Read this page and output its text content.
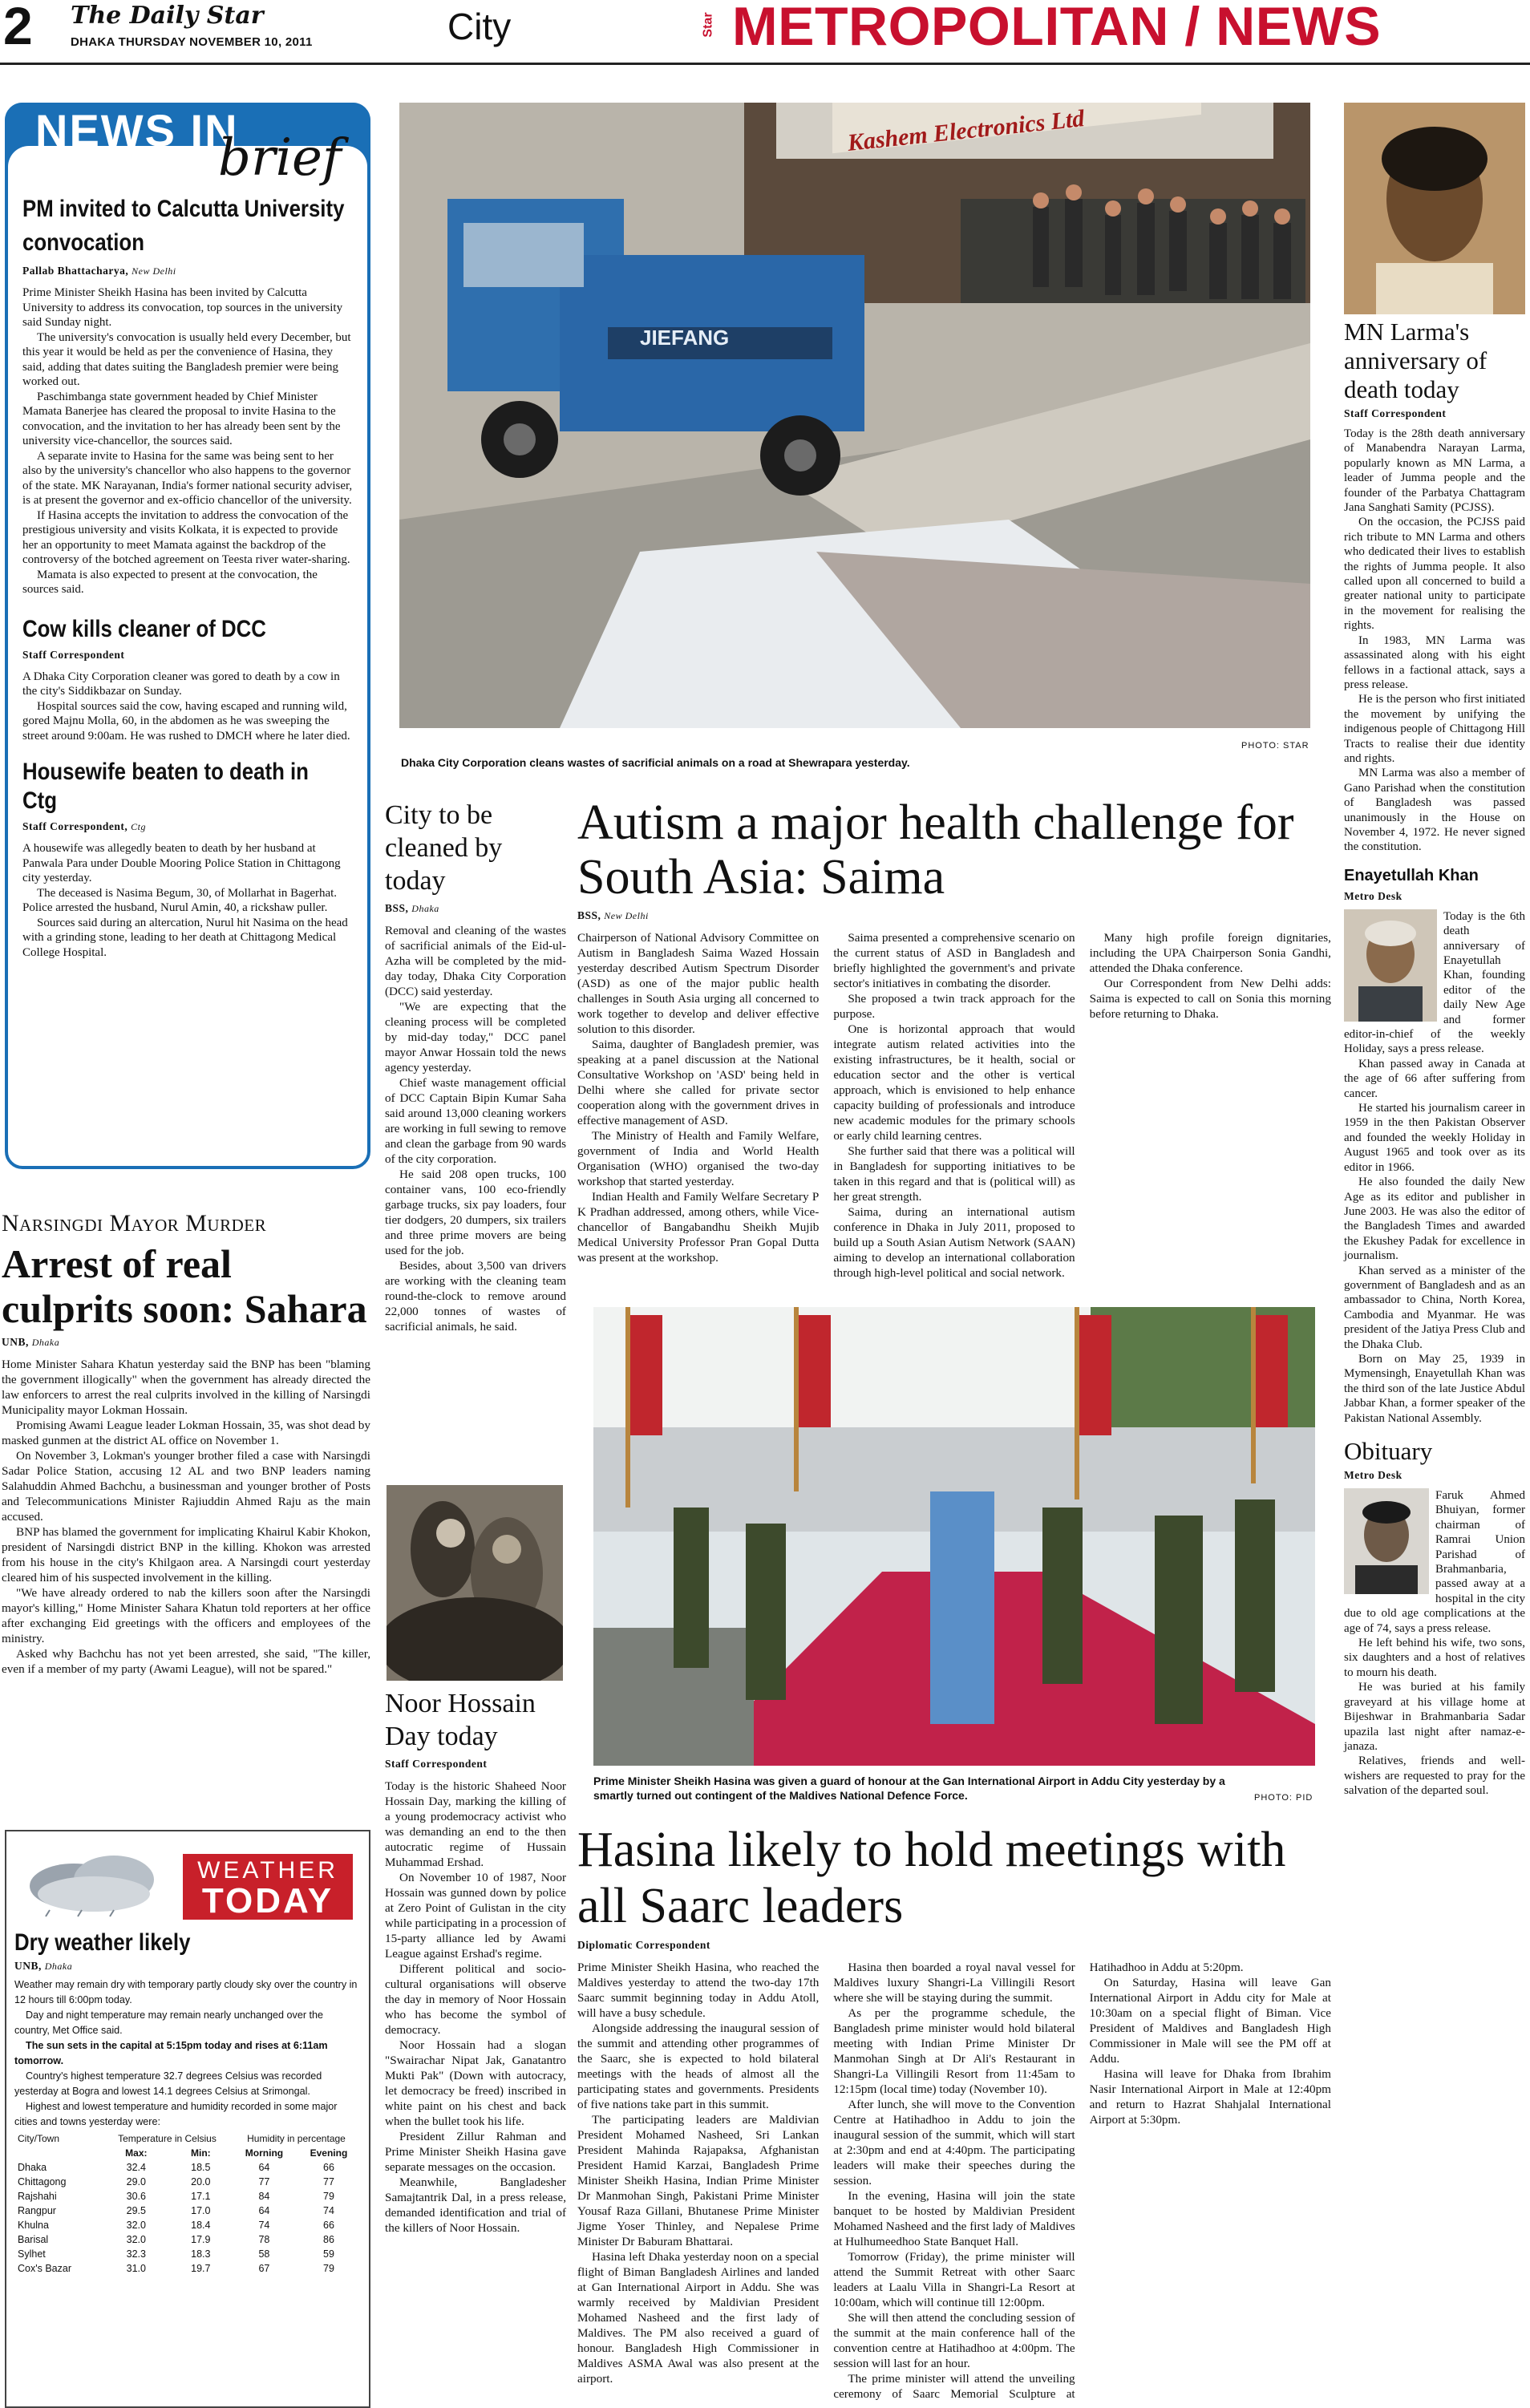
2 The Daily Star
DHAKA THURSDAY NOVEMBER 10, 2011	City	Star METROPOLITAN / NEWS
NEWS IN
brief
PM invited to Calcutta University convocation
Pallab Bhattacharya, New Delhi

Prime Minister Sheikh Hasina has been invited by Calcutta University to address its convocation, top sources in the university said Sunday night.

The university's convocation is usually held every December, but this year it would be held as per the convenience of Hasina, they said, adding that dates suiting the Bangladesh premier were being worked out.

Paschimbanga state government headed by Chief Minister Mamata Banerjee has cleared the proposal to invite Hasina to the convocation, and the invitation to her has already been sent by the university vice-chancellor, the sources said.

A separate invite to Hasina for the same was being sent to her also by the university's chancellor who also happens to the governor of the state. MK Narayanan, India's former national security adviser, is at present the governor and ex-officio chancellor of the university.

If Hasina accepts the invitation to address the convocation of the prestigious university and visits Kolkata, it is expected to provide her an opportunity to meet Mamata against the backdrop of the controversy of the botched agreement on Teesta river water-sharing.

Mamata is also expected to present at the convocation, the sources said.

Cow kills cleaner of DCC
Staff Correspondent

A Dhaka City Corporation cleaner was gored to death by a cow in the city's Siddikbazar on Sunday.

Hospital sources said the cow, having escaped and running wild, gored Majnu Molla, 60, in the abdomen as he was sweeping the street around 9:00am. He was rushed to DMCH where he later died.

Housewife beaten to death in Ctg
Staff Correspondent, Ctg

A housewife was allegedly beaten to death by her husband at Panwala Para under Double Mooring Police Station in Chittagong city yesterday.

The deceased is Nasima Begum, 30, of Mollarhat in Bagerhat. Police arrested the husband, Nurul Amin, 40, a rickshaw puller.

Sources said during an altercation, Nurul hit Nasima on the head with a grinding stone, leading to her death at Chittagong Medical College Hospital.

Narsingdi Mayor Murder
Arrest of real culprits soon: Sahara
UNB, Dhaka

Home Minister Sahara Khatun yesterday said the BNP has been "blaming the government illogically" when the government has already directed the law enforcers to arrest the real culprits involved in the killing of Narsingdi Municipality mayor Lokman Hossain.

Promising Awami League leader Lokman Hossain, 35, was shot dead by masked gunmen at the district AL office on November 1.

On November 3, Lokman's younger brother filed a case with Narsingdi Sadar Police Station, accusing 12 AL and two BNP leaders naming Salahuddin Ahmed Bachchu, a businessman and younger brother of Posts and Telecommunications Minister Rajiuddin Ahmed Raju as the main accused.

BNP has blamed the government for implicating Khairul Kabir Khokon, president of Narsingdi district BNP in the killing. Khokon was arrested from his house in the city's Khilgaon area. A Narsingdi court yesterday cleared him of his suspected involvement in the killing.

"We have already ordered to nab the killers soon after the Narsingdi mayor's killing," Home Minister Sahara Khatun told reporters at her office after exchanging Eid greetings with the officers and employees of the ministry.

Asked why Bachchu has not yet been arrested, she said, "The killer, even if a member of my party (Awami League), will not be spared."

WEATHER
TODAY
Dry weather likely
UNB, Dhaka

Weather may remain dry with temporary partly cloudy sky over the country in 12 hours till 6:00pm today.

Day and night temperature may remain nearly unchanged over the country, Met Office said.

The sun sets in the capital at 5:15pm today and rises at 6:11am tomorrow.

Country's highest temperature 32.7 degrees Celsius was recorded yesterday at Bogra and lowest 14.1 degrees Celsius at Srimongal.

Highest and lowest temperature and humidity recorded in some major cities and towns yesterday were:

City/Town	Temperature in Celsius		Humidity in percentage	
	Max:	Min:	Morning	Evening
Dhaka	32.4	18.5	64	66
Chittagong	29.0	20.0	77	77
Rajshahi	30.6	17.1	84	79
Rangpur	29.5	17.0	64	74
Khulna	32.0	18.4	74	66
Barisal	32.0	17.9	78	86
Sylhet	32.3	18.3	58	59
Cox's Bazar	31.0	19.7	67	79
JIEFANG
Kashem Electronics Ltd
PHOTO: STAR
Dhaka City Corporation cleans wastes of sacrificial animals on a road at Shewrapara yesterday.
City to be cleaned by today
BSS, Dhaka

Removal and cleaning of the wastes of sacrificial animals of the Eid-ul-Azha will be completed by the mid-day today, Dhaka City Corporation (DCC) said yesterday.

"We are expecting that the cleaning process will be completed by mid-day today," DCC panel mayor Anwar Hossain told the news agency yesterday.

Chief waste management official of DCC Captain Bipin Kumar Saha said around 13,000 cleaning workers are working in full sewing to remove and clean the garbage from 90 wards of the city corporation.

He said 208 open trucks, 100 container vans, 100 eco-friendly garbage trucks, six pay loaders, four tier dodgers, 20 dumpers, six trailers and three prime movers are being used for the job.

Besides, about 3,500 van drivers are working with the cleaning team round-the-clock to remove around 22,000 tonnes of wastes of sacrificial animals, he said.

Noor Hossain Day today
Staff Correspondent

Today is the historic Shaheed Noor Hossain Day, marking the killing of a young prodemocracy activist who was demanding an end to the then autocratic regime of Hussain Muhammad Ershad.

On November 10 of 1987, Noor Hossain was gunned down by police at Zero Point of Gulistan in the city while participating in a procession of 15-party alliance led by Awami League against Ershad's regime.

Different political and socio-cultural organisations will observe the day in memory of Noor Hossain who has become the symbol of democracy.

Noor Hossain had a slogan "Swairachar Nipat Jak, Ganatantro Mukti Pak" (Down with autocracy, let democracy be freed) inscribed in white paint on his chest and back when the bullet took his life.

President Zillur Rahman and Prime Minister Sheikh Hasina gave separate messages on the occasion.

Meanwhile, Bangladesher Samajtantrik Dal, in a press release, demanded identification and trial of the killers of Noor Hossain.

Autism a major health challenge for South Asia: Saima
BSS, New Delhi

Chairperson of National Advisory Committee on Autism in Bangladesh Saima Wazed Hossain yesterday described Autism Spectrum Disorder (ASD) as one of the major public health challenges in South Asia urging all concerned to work together to develop and deliver effective solution to this disorder.

Saima, daughter of Bangladesh premier, was speaking at a panel discussion at the National Consultative Workshop on 'ASD' being held in Delhi where she called for private sector cooperation along with the government drives in effective management of ASD.

The Ministry of Health and Family Welfare, government of India and World Health Organisation (WHO) organised the two-day workshop that started yesterday.

Indian Health and Family Welfare Secretary P K Pradhan addressed, among others, while Vice-chancellor of Bangabandhu Sheikh Mujib Medical University Professor Pran Gopal Dutta was present at the workshop.

Saima presented a comprehensive scenario on the current status of ASD in Bangladesh and briefly highlighted the government's and private sector's initiatives in combating the disorder.

She proposed a twin track approach for the purpose.

One is horizontal approach that would integrate autism related activities into the existing infrastructures, be it health, social or education sector and the other is vertical approach, which is envisioned to help enhance capacity building of professionals and introduce new academic modules for the primary schools or early child learning centres.

She further said that there was a political will in Bangladesh for supporting initiatives to be taken in this regard and that is (political will) as her great strength.

Saima, during an international autism conference in Dhaka in July 2011, proposed to build up a South Asian Autism Network (SAAN) aiming to develop an international collaboration through high-level political and social network.

Many high profile foreign dignitaries, including the UPA Chairperson Sonia Gandhi, attended the Dhaka conference.

Our Correspondent from New Delhi adds: Saima is expected to call on Sonia this morning before returning to Dhaka.

Prime Minister Sheikh Hasina was given a guard of honour at the Gan International Airport in Addu City yesterday by a smartly turned out contingent of the Maldives National Defence Force.	PHOTO: PID
Hasina likely to hold meetings with all Saarc leaders
Diplomatic Correspondent

Prime Minister Sheikh Hasina, who reached the Maldives yesterday to attend the two-day 17th Saarc summit beginning today in Addu Atoll, will have a busy schedule.

Alongside addressing the inaugural session of the summit and attending other programmes of the Saarc, she is expected to hold bilateral meetings with the heads of almost all the participating states and governments. Presidents of five nations take part in this summit.

The participating leaders are Maldivian President Mohamed Nasheed, Sri Lankan President Mahinda Rajapaksa, Afghanistan President Hamid Karzai, Bangladesh Prime Minister Sheikh Hasina, Indian Prime Minister Dr Manmohan Singh, Pakistani Prime Minister Yousaf Raza Gillani, Bhutanese Prime Minister Jigme Yoser Thinley, and Nepalese Prime Minister Dr Baburam Bhattarai.

Hasina left Dhaka yesterday noon on a special flight of Biman Bangladesh Airlines and landed at Gan International Airport in Addu. She was warmly received by Maldivian President Mohamed Nasheed and the first lady of Maldives. The PM also received a guard of honour. Bangladesh High Commissioner in Maldives ASMA Awal was also present at the airport.

Hasina then boarded a royal naval vessel for Maldives luxury Shangri-La Villingili Resort where she will be staying during the summit.

As per the programme schedule, the Bangladesh prime minister would hold bilateral meeting with Indian Prime Minister Dr Manmohan Singh at Dr Ali's Restaurant in Shangri-La Villingili Resort from 11:45am to 12:15pm (local time) today (November 10).

After lunch, she will move to the Convention Centre at Hatihadhoo in Addu to join the inaugural session of the summit, which will start at 2:30pm and end at 4:40pm. The participating leaders will make their speeches during the session.

In the evening, Hasina will join the state banquet to be hosted by Maldivian President Mohamed Nasheed and the first lady of Maldives at Hulhumeedhoo State Banquet Hall.

Tomorrow (Friday), the prime minister will attend the Summit Retreat with other Saarc leaders at Laalu Villa in Shangri-La Resort at 10:00am, which will continue till 12:00pm.

She will then attend the concluding session of the summit at the main conference hall of the convention centre at Hatihadhoo at 4:00pm. The session will last for an hour.

The prime minister will attend the unveiling ceremony of Saarc Memorial Sculpture at Hatihadhoo in Addu at 5:20pm.

On Saturday, Hasina will leave Gan International Airport in Addu city for Male at 10:30am on a special flight of Biman. Vice President of Maldives and Bangladesh High Commissioner in Male will see the PM off at Addu.

Hasina will leave for Dhaka from Ibrahim Nasir International Airport in Male at 12:40pm and return to Hazrat Shahjalal International Airport at 5:30pm.

MN Larma's anniversary of death today
Staff Correspondent

Today is the 28th death anniversary of Manabendra Narayan Larma, popularly known as MN Larma, a leader of Jumma people and the founder of the Parbatya Chattagram Jana Sanghati Samity (PCJSS).

On the occasion, the PCJSS paid rich tribute to MN Larma and others who dedicated their lives to establish the rights of Jumma people. It also called upon all concerned to build a greater national unity to participate in the movement for realising the rights.

In 1983, MN Larma was assassinated along with his eight fellows in a factional attack, says a press release.

He is the person who first initiated the movement by unifying the indigenous people of Chittagong Hill Tracts to realise their due identity and rights.

MN Larma was also a member of Gano Parishad when the constitution of Bangladesh was passed unanimously in the House on November 4, 1972. He never signed the constitution.

Enayetullah Khan
Metro Desk

Today is the 6th death anniversary of Enayetullah Khan, founding editor of the daily New Age and former editor-in-chief of the weekly Holiday, says a press release.

Khan passed away in Canada at the age of 66 after suffering from cancer.

He started his journalism career in 1959 in the then Pakistan Observer and founded the weekly Holiday in August 1965 and took over as its editor in 1966.

He also founded the daily New Age as its editor and publisher in June 2003. He was also the editor of the Bangladesh Times and awarded the Ekushey Padak for excellence in journalism.

Khan served as a minister of the government of Bangladesh and as an ambassador to China, North Korea, Cambodia and Myanmar. He was president of the Jatiya Press Club and the Dhaka Club.

Born on May 25, 1939 in Mymensingh, Enayetullah Khan was the third son of the late Justice Abdul Jabbar Khan, a former speaker of the Pakistan National Assembly.

Obituary
Metro Desk

Faruk Ahmed Bhuiyan, former chairman of Ramrai Union Parishad of Brahmanbaria, passed away at a hospital in the city due to old age complications at the age of 74, says a press release.

He left behind his wife, two sons, six daughters and a host of relatives to mourn his death.

He was buried at his family graveyard at his village home at Bijeshwar in Brahmanbaria Sadar upazila last night after namaz-e-janaza.

Relatives, friends and well-wishers are requested to pray for the salvation of the departed soul.
